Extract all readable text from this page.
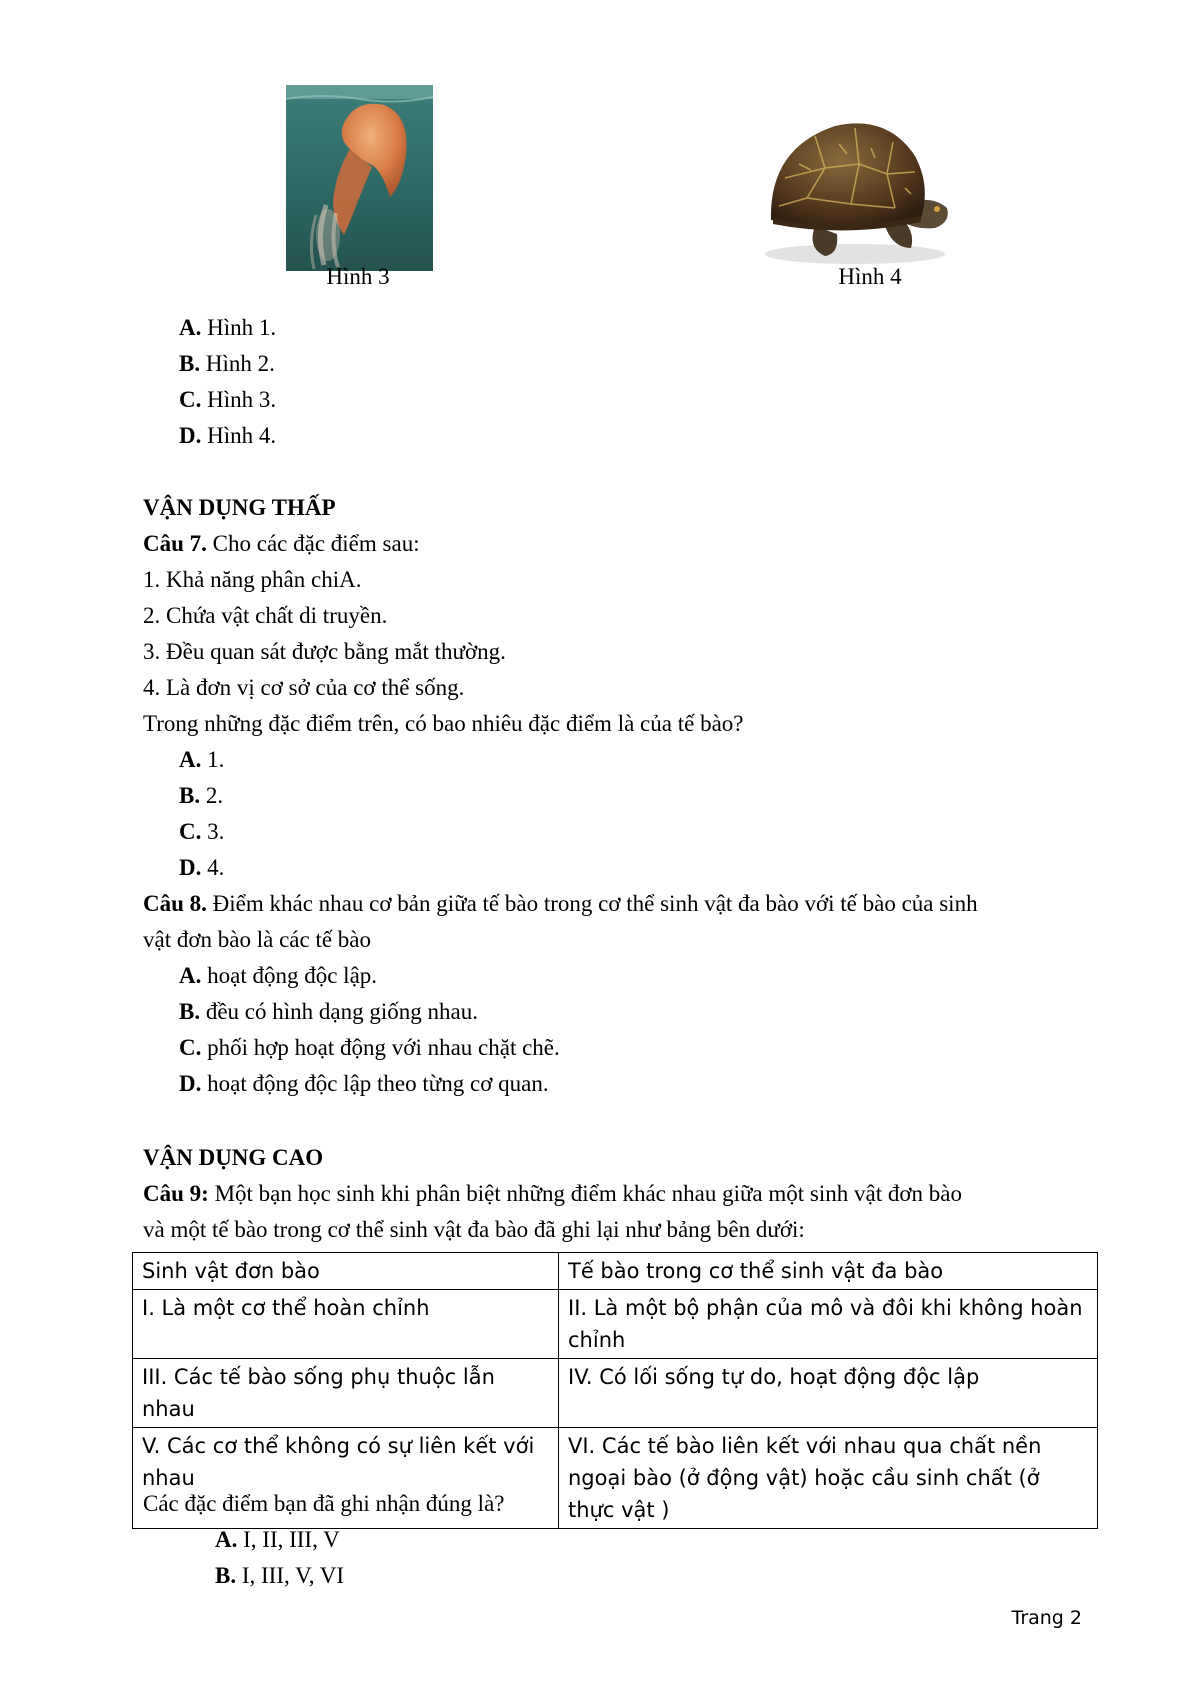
Hình 3	Hình 4
A. Hình 1.
B. Hình 2.
C. Hình 3.
D. Hình 4.
VẬN DỤNG THẤP
Câu 7. Cho các đặc điểm sau:
1. Khả năng phân chiA.
2. Chứa vật chất di truyền.
3. Đều quan sát được bằng mắt thường.
4. Là đơn vị cơ sở của cơ thể sống.
Trong những đặc điểm trên, có bao nhiêu đặc điểm là của tế bào?
A. 1.
B. 2.
C. 3.
D. 4.
Câu 8. Điểm khác nhau cơ bản giữa tế bào trong cơ thể sinh vật đa bào với tế bào của sinh
vật đơn bào là các tế bào
A. hoạt động độc lập.
B. đều có hình dạng giống nhau.
C. phối hợp hoạt động với nhau chặt chẽ.
D. hoạt động độc lập theo từng cơ quan.
VẬN DỤNG CAO
Câu 9: Một bạn học sinh khi phân biệt những điểm khác nhau giữa một sinh vật đơn bào
và một tế bào trong cơ thể sinh vật đa bào đã ghi lại như bảng bên dưới:
Sinh vật đơn bào	Tế bào trong cơ thể sinh vật đa bào
I. Là một cơ thể hoàn chỉnh	II. Là một bộ phận của mô và đôi khi không hoàn chỉnh
III. Các tế bào sống phụ thuộc lẫn nhau	IV. Có lối sống tự do, hoạt động độc lập
V. Các cơ thể không có sự liên kết với nhau	VI. Các tế bào liên kết với nhau qua chất nền ngoại bào (ở động vật) hoặc cầu sinh chất (ở thực vật )
Các đặc điểm bạn đã ghi nhận đúng là?
A. I, II, III, V
B. I, III, V, VI
Trang 2
